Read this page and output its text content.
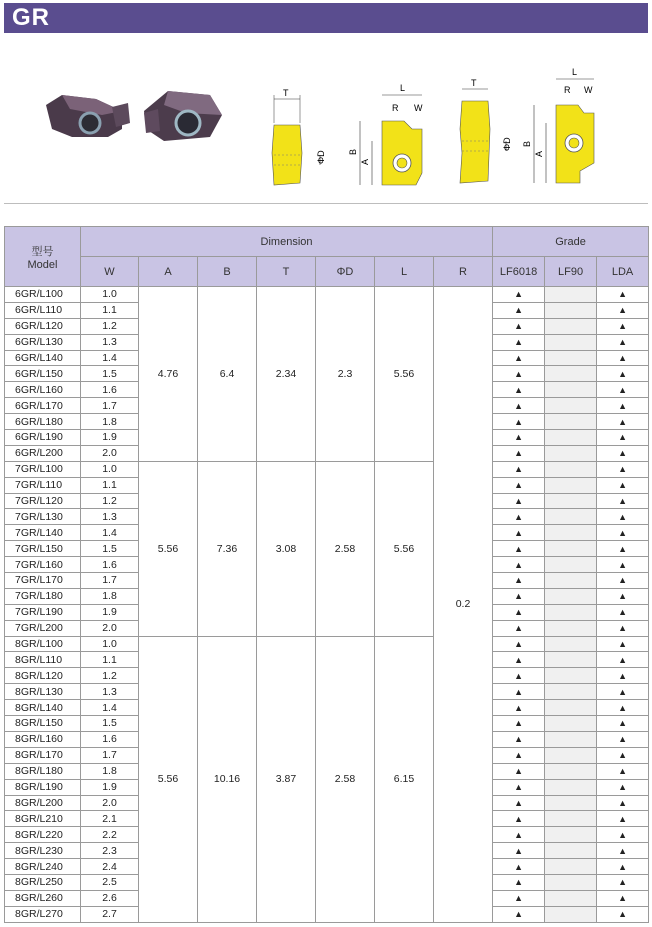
GR
T
ΦD
L
R W
B
A
T
ΦD
L
R W
B
A
型号
Model	Dimension							Grade		
	W	A	B	T	ΦD	L	R	LF6018	LF90	LDA
6GR/L100	1.0	4.76	6.4	2.34	2.3	5.56	0.2	▲		▲
6GR/L110	1.1							▲		▲
6GR/L120	1.2							▲		▲
6GR/L130	1.3							▲		▲
6GR/L140	1.4							▲		▲
6GR/L150	1.5							▲		▲
6GR/L160	1.6							▲		▲
6GR/L170	1.7							▲		▲
6GR/L180	1.8							▲		▲
6GR/L190	1.9							▲		▲
6GR/L200	2.0							▲		▲
7GR/L100	1.0	5.56	7.36	3.08	2.58	5.56		▲		▲
7GR/L110	1.1							▲		▲
7GR/L120	1.2							▲		▲
7GR/L130	1.3							▲		▲
7GR/L140	1.4							▲		▲
7GR/L150	1.5							▲		▲
7GR/L160	1.6							▲		▲
7GR/L170	1.7							▲		▲
7GR/L180	1.8							▲		▲
7GR/L190	1.9							▲		▲
7GR/L200	2.0							▲		▲
8GR/L100	1.0	5.56	10.16	3.87	2.58	6.15		▲		▲
8GR/L110	1.1							▲		▲
8GR/L120	1.2							▲		▲
8GR/L130	1.3							▲		▲
8GR/L140	1.4							▲		▲
8GR/L150	1.5							▲		▲
8GR/L160	1.6							▲		▲
8GR/L170	1.7							▲		▲
8GR/L180	1.8							▲		▲
8GR/L190	1.9							▲		▲
8GR/L200	2.0							▲		▲
8GR/L210	2.1							▲		▲
8GR/L220	2.2							▲		▲
8GR/L230	2.3							▲		▲
8GR/L240	2.4							▲		▲
8GR/L250	2.5							▲		▲
8GR/L260	2.6							▲		▲
8GR/L270	2.7							▲		▲
